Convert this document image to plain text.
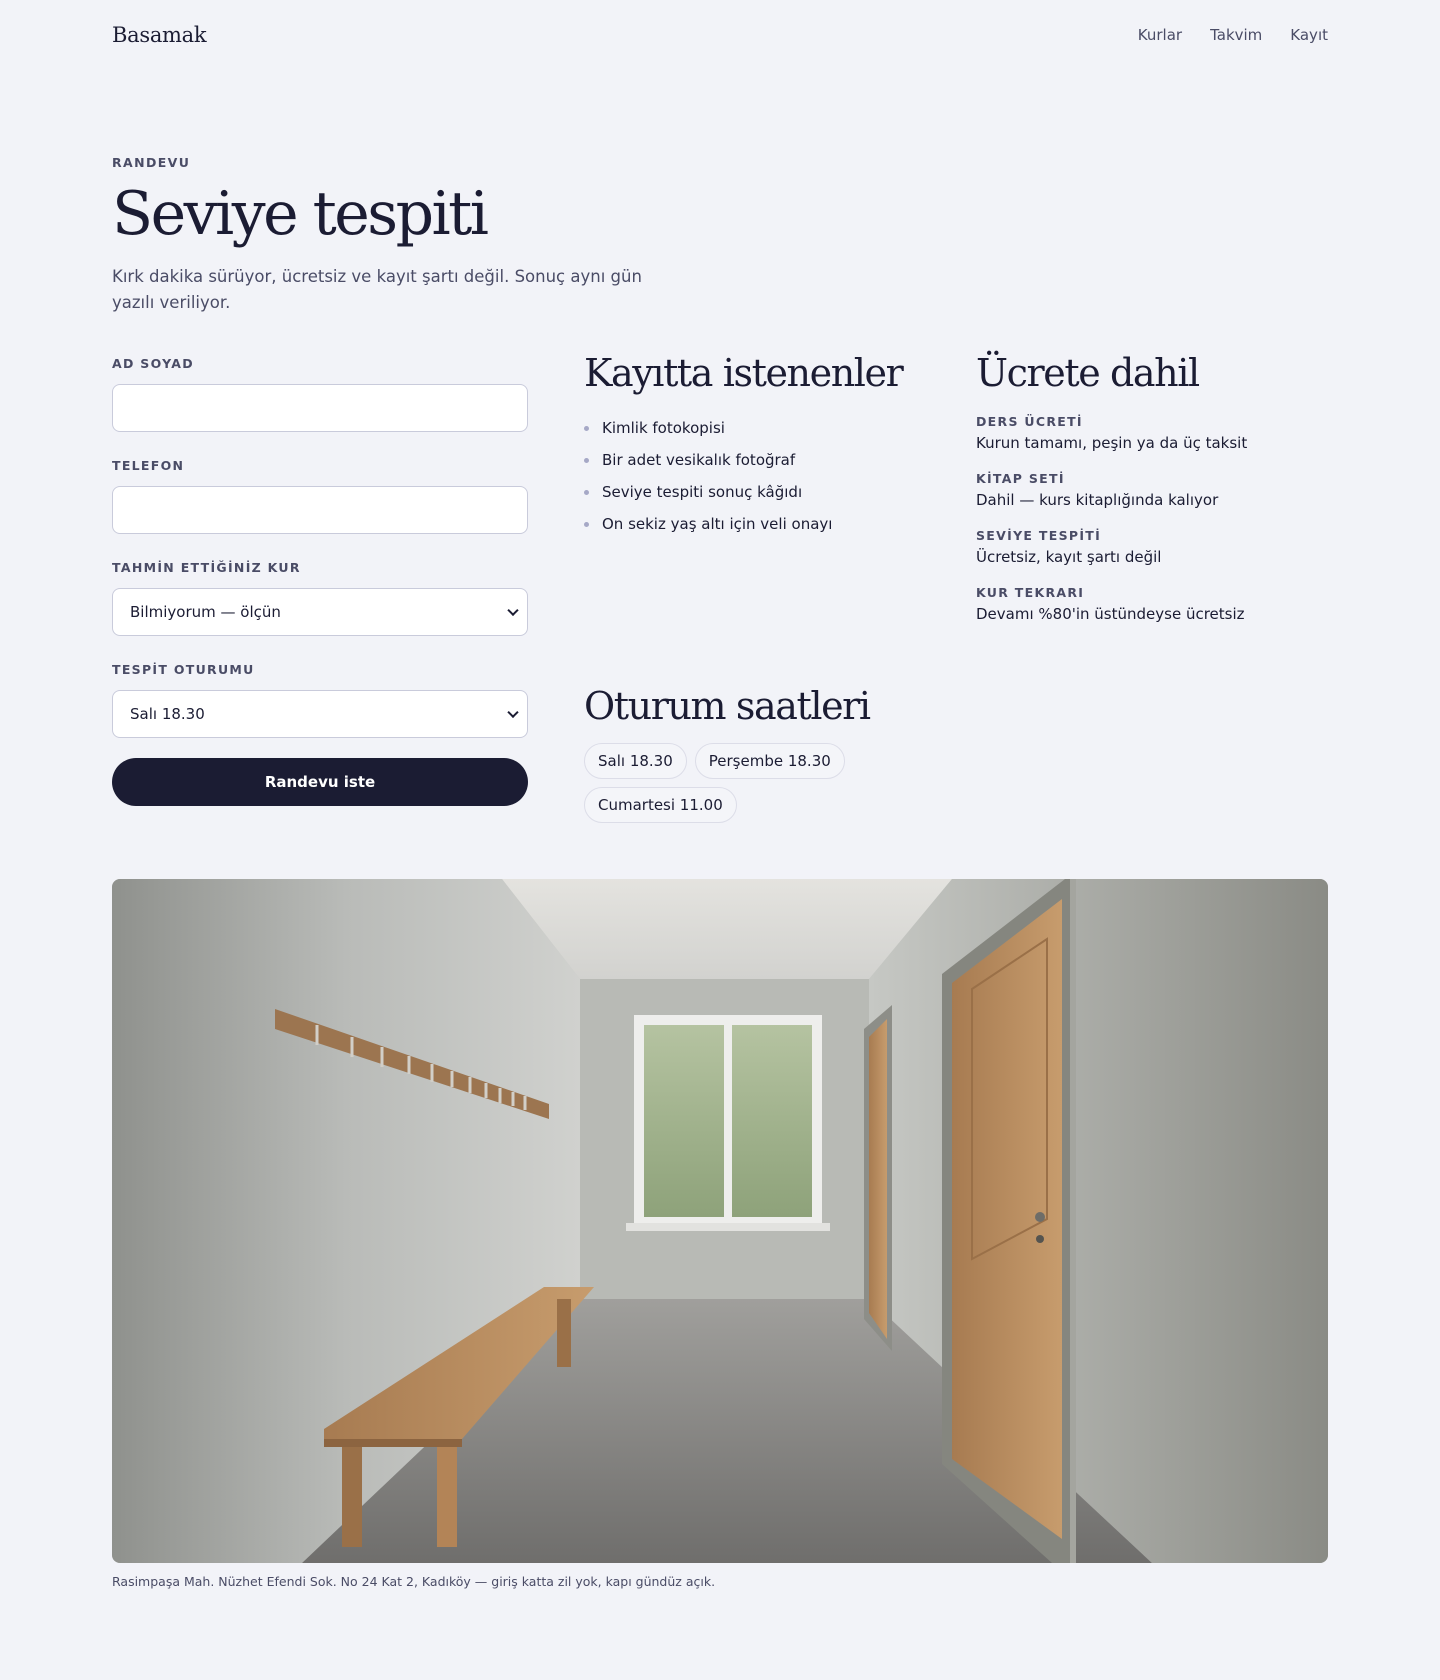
Basamak	Kurlar Takvim Kayıt
RANDEVU
Seviye tespiti

Kırk dakika sürüyor, ücretsiz ve kayıt şartı değil. Sonuç aynı gün yazılı veriliyor.

AD SOYAD
TELEFON
TAHMİN ETTİĞİNİZ KUR
Bilmiyorum — ölçün
TESPİT OTURUMU
Salı 18.30
Randevu iste
Kayıtta istenenler
Kimlik fotokopisi
Bir adet vesikalık fotoğraf
Seviye tespiti sonuç kâğıdı
On sekiz yaş altı için veli onayı
Ücrete dahil
DERS ÜCRETİ
Kurun tamamı, peşin ya da üç taksit
KİTAP SETİ
Dahil — kurs kitaplığında kalıyor
SEVİYE TESPİTİ
Ücretsiz, kayıt şartı değil
KUR TEKRARI
Devamı %80'in üstündeyse ücretsiz
Oturum saatleri
Salı 18.30	Perşembe 18.30
Cumartesi 11.00

Rasimpaşa Mah. Nüzhet Efendi Sok. No 24 Kat 2, Kadıköy — giriş katta zil yok, kapı gündüz açık.
